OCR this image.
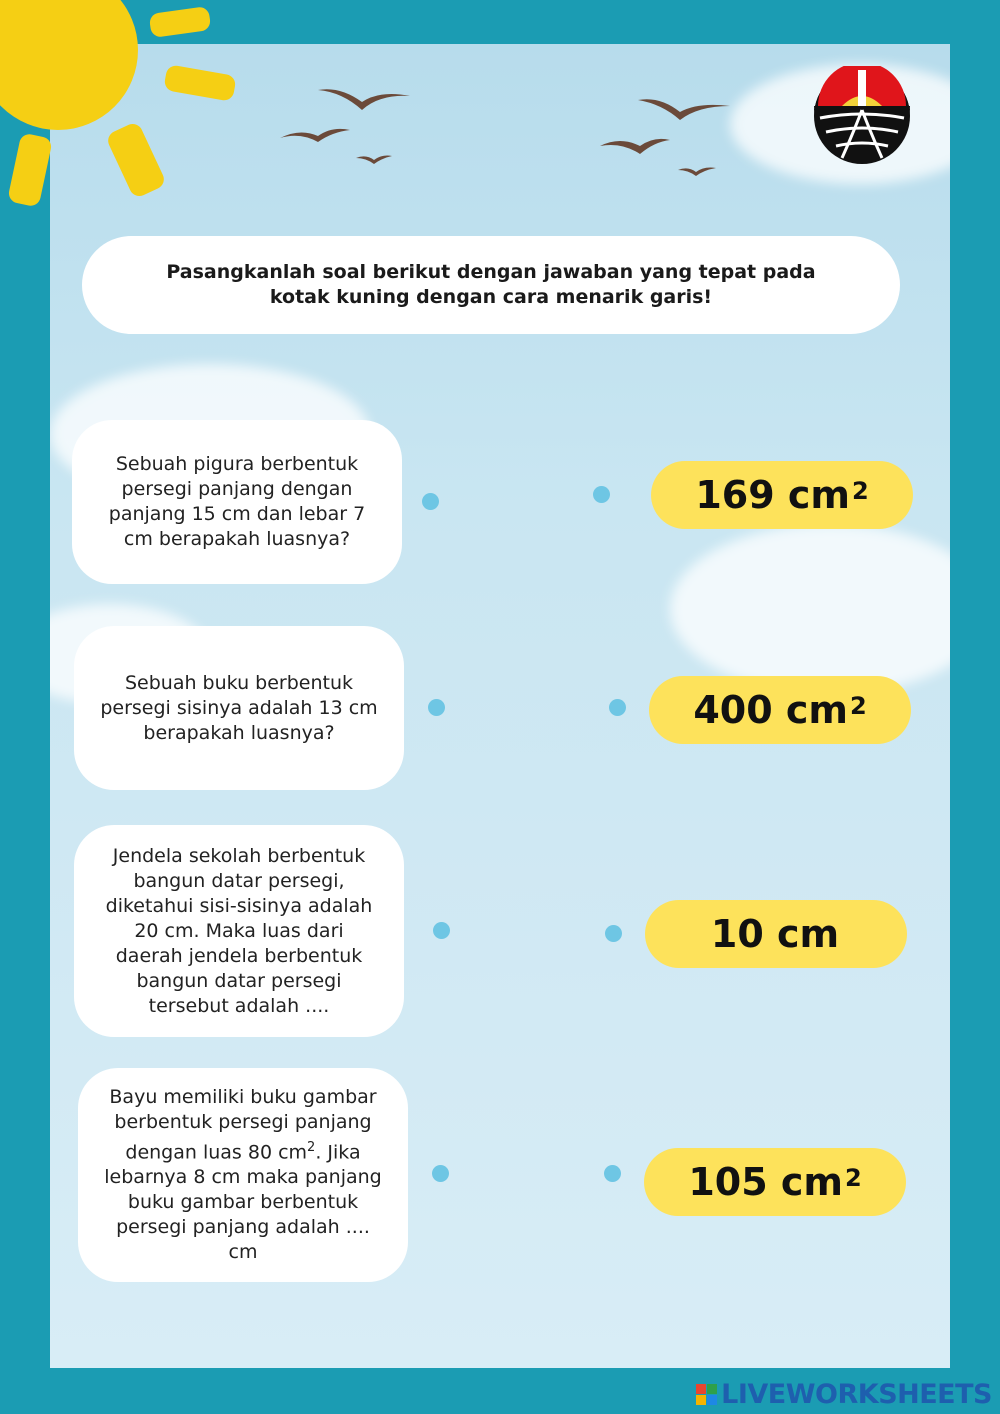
Pasangkanlah soal berikut dengan jawaban yang tepat pada kotak kuning dengan cara menarik garis!
Sebuah pigura berbentuk persegi panjang dengan panjang 15 cm dan lebar 7 cm berapakah luasnya?
Sebuah buku berbentuk persegi sisinya adalah 13 cm berapakah luasnya?
Jendela sekolah berbentuk bangun datar persegi, diketahui sisi-sisinya adalah 20 cm. Maka luas dari daerah jendela berbentuk bangun datar persegi tersebut adalah ....
Bayu memiliki buku gambar berbentuk persegi panjang dengan luas 80 $cm^2$. Jika lebarnya 8 cm maka panjang buku gambar berbentuk persegi panjang adalah .... cm
169 $cm^2$
400 $cm^2$
10 cm
105 $cm^2$
LIVEWORKSHEETS
